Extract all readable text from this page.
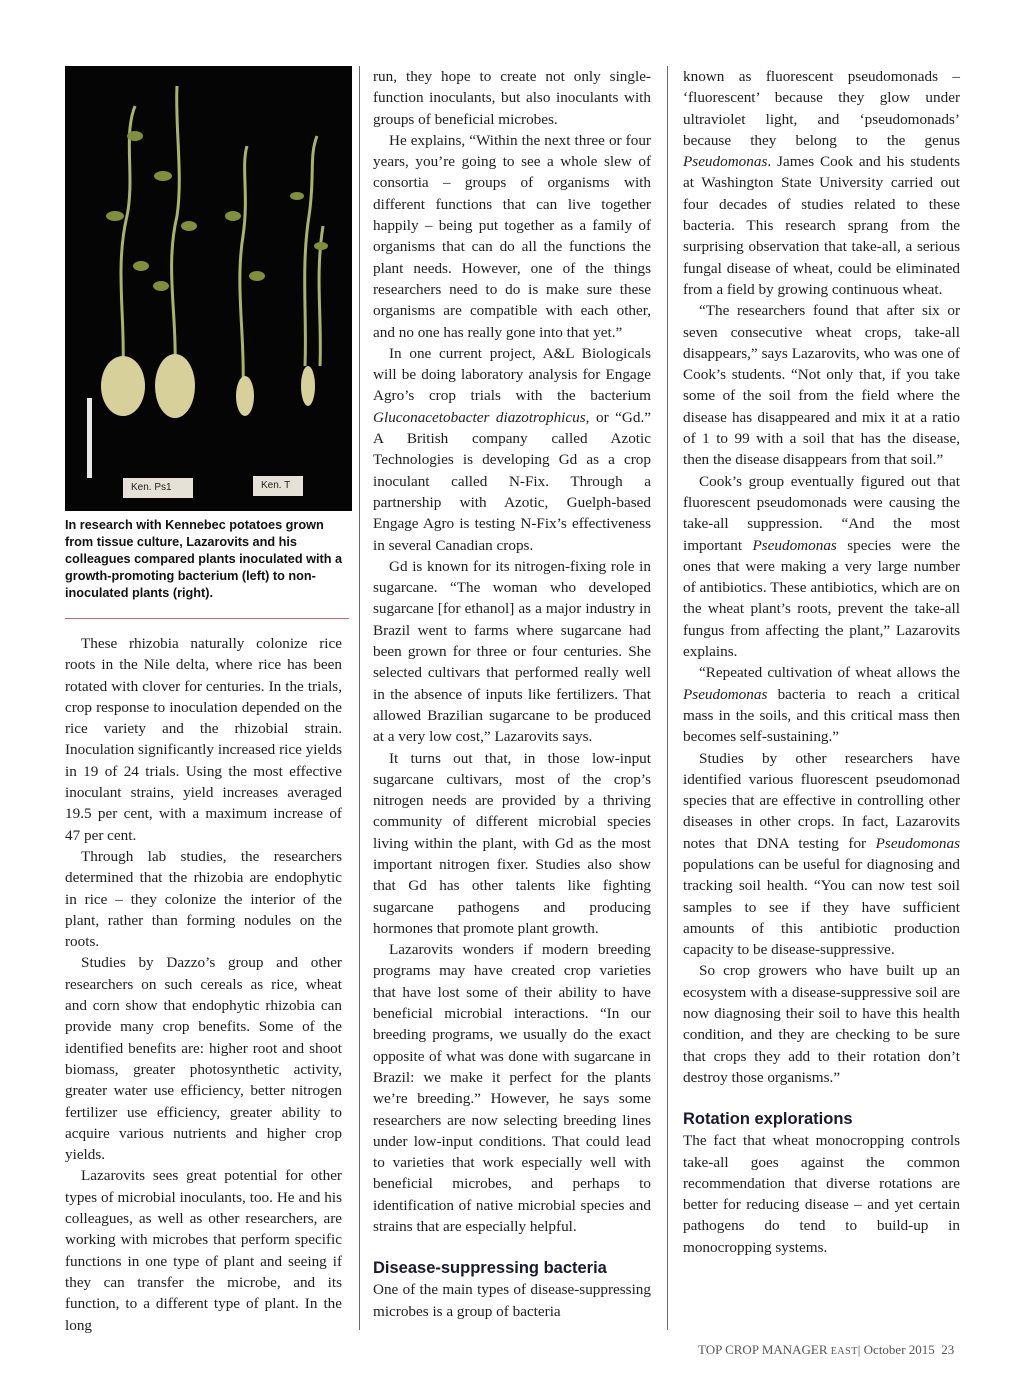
Ken. Ps1	Ken. T
In research with Kennebec potatoes grown from tissue culture, Lazarovits and his colleagues compared plants inoculated with a growth-promoting bacterium (left) to non-inoculated plants (right).

These rhizobia naturally colonize rice roots in the Nile delta, where rice has been rotated with clover for centuries. In the trials, crop response to inoculation depended on the rice variety and the rhizobial strain. Inoculation significantly increased rice yields in 19 of 24 trials. Using the most effective inoculant strains, yield increases averaged 19.5 per cent, with a maximum increase of 47 per cent.

Through lab studies, the researchers determined that the rhizobia are endophytic in rice – they colonize the interior of the plant, rather than forming nodules on the roots.

Studies by Dazzo’s group and other researchers on such cereals as rice, wheat and corn show that endophytic rhizobia can provide many crop benefits. Some of the identified benefits are: higher root and shoot biomass, greater photosynthetic activity, greater water use efficiency, better nitrogen fertilizer use efficiency, greater ability to acquire various nutrients and higher crop yields.

Lazarovits sees great potential for other types of microbial inoculants, too. He and his colleagues, as well as other researchers, are working with microbes that perform specific functions in one type of plant and seeing if they can transfer the microbe, and its function, to a different type of plant. In the long

run, they hope to create not only single-function inoculants, but also inoculants with groups of beneficial microbes.

He explains, “Within the next three or four years, you’re going to see a whole slew of consortia – groups of organisms with different functions that can live together happily – being put together as a family of organisms that can do all the functions the plant needs. However, one of the things researchers need to do is make sure these organisms are compatible with each other, and no one has really gone into that yet.”

In one current project, A&L Biologicals will be doing laboratory analysis for Engage Agro’s crop trials with the bacterium Gluconacetobacter diazotrophicus, or “Gd.” A British company called Azotic Technologies is developing Gd as a crop inoculant called N-Fix. Through a partnership with Azotic, Guelph-based Engage Agro is testing N-Fix’s effectiveness in several Canadian crops.

Gd is known for its nitrogen-fixing role in sugarcane. “The woman who developed sugarcane [for ethanol] as a major industry in Brazil went to farms where sugarcane had been grown for three or four centuries. She selected cultivars that performed really well in the absence of inputs like fertilizers. That allowed Brazilian sugarcane to be produced at a very low cost,” Lazarovits says.

It turns out that, in those low-input sugarcane cultivars, most of the crop’s nitrogen needs are provided by a thriving community of different microbial species living within the plant, with Gd as the most important nitrogen fixer. Studies also show that Gd has other talents like fighting sugarcane pathogens and producing hormones that promote plant growth.

Lazarovits wonders if modern breeding programs may have created crop varieties that have lost some of their ability to have beneficial microbial interactions. “In our breeding programs, we usually do the exact opposite of what was done with sugarcane in Brazil: we make it perfect for the plants we’re breeding.” However, he says some researchers are now selecting breeding lines under low-input conditions. That could lead to varieties that work especially well with beneficial microbes, and perhaps to identification of native microbial species and strains that are especially helpful.

Disease-suppressing bacteria

One of the main types of disease-suppressing microbes is a group of bacteria

known as fluorescent pseudomonads – ‘fluorescent’ because they glow under ultraviolet light, and ‘pseudomonads’ because they belong to the genus Pseudomonas. James Cook and his students at Washington State University carried out four decades of studies related to these bacteria. This research sprang from the surprising observation that take-all, a serious fungal disease of wheat, could be eliminated from a field by growing continuous wheat.

“The researchers found that after six or seven consecutive wheat crops, take-all disappears,” says Lazarovits, who was one of Cook’s students. “Not only that, if you take some of the soil from the field where the disease has disappeared and mix it at a ratio of 1 to 99 with a soil that has the disease, then the disease disappears from that soil.”

Cook’s group eventually figured out that fluorescent pseudomonads were causing the take-all suppression. “And the most important Pseudomonas species were the ones that were making a very large number of antibiotics. These antibiotics, which are on the wheat plant’s roots, prevent the take-all fungus from affecting the plant,” Lazarovits explains.

“Repeated cultivation of wheat allows the Pseudomonas bacteria to reach a critical mass in the soils, and this critical mass then becomes self-sustaining.”

Studies by other researchers have identified various fluorescent pseudomonad species that are effective in controlling other diseases in other crops. In fact, Lazarovits notes that DNA testing for Pseudomonas populations can be useful for diagnosing and tracking soil health. “You can now test soil samples to see if they have sufficient amounts of this antibiotic production capacity to be disease-suppressive.

So crop growers who have built up an ecosystem with a disease-suppressive soil are now diagnosing their soil to have this health condition, and they are checking to be sure that crops they add to their rotation don’t destroy those organisms.”

Rotation explorations

The fact that wheat monocropping controls take-all goes against the common recommendation that diverse rotations are better for reducing disease – and yet certain pathogens do tend to build-up in monocropping systems.

TOP CROP MANAGER EAST| October 2015 23
